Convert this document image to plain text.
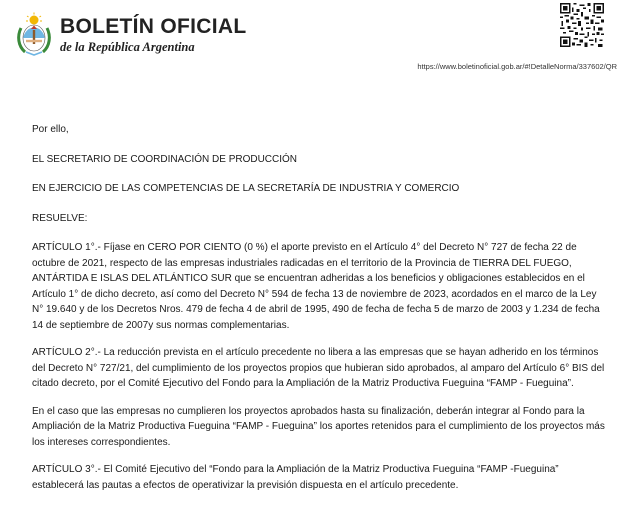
BOLETÍN OFICIAL
de la República Argentina
https://www.boletinoficial.gob.ar/#!DetalleNorma/337602/QR

Por ello,

EL SECRETARIO DE COORDINACIÓN DE PRODUCCIÓN

EN EJERCICIO DE LAS COMPETENCIAS DE LA SECRETARÍA DE INDUSTRIA Y COMERCIO

RESUELVE:

ARTÍCULO 1°.- Fíjase en CERO POR CIENTO (0 %) el aporte previsto en el Artículo 4° del Decreto N° 727 de fecha 22 de octubre de 2021, respecto de las empresas industriales radicadas en el territorio de la Provincia de TIERRA DEL FUEGO, ANTÁRTIDA E ISLAS DEL ATLÁNTICO SUR que se encuentran adheridas a los beneficios y obligaciones establecidos en el Artículo 1° de dicho decreto, así como del Decreto N° 594 de fecha 13 de noviembre de 2023, acordados en el marco de la Ley N° 19.640 y de los Decretos Nros. 479 de fecha 4 de abril de 1995, 490 de fecha de fecha 5 de marzo de 2003 y 1.234 de fecha 14 de septiembre de 2007y sus normas complementarias.

ARTÍCULO 2°.- La reducción prevista en el artículo precedente no libera a las empresas que se hayan adherido en los términos del Decreto N° 727/21, del cumplimiento de los proyectos propios que hubieran sido aprobados, al amparo del Artículo 6° BIS del citado decreto, por el Comité Ejecutivo del Fondo para la Ampliación de la Matriz Productiva Fueguina “FAMP - Fueguina”.

En el caso que las empresas no cumplieren los proyectos aprobados hasta su finalización, deberán integrar al Fondo para la Ampliación de la Matriz Productiva Fueguina “FAMP - Fueguina” los aportes retenidos para el cumplimiento de los proyectos más los intereses correspondientes.

ARTÍCULO 3°.- El Comité Ejecutivo del “Fondo para la Ampliación de la Matriz Productiva Fueguina “FAMP -Fueguina” establecerá las pautas a efectos de operativizar la previsión dispuesta en el artículo precedente.
